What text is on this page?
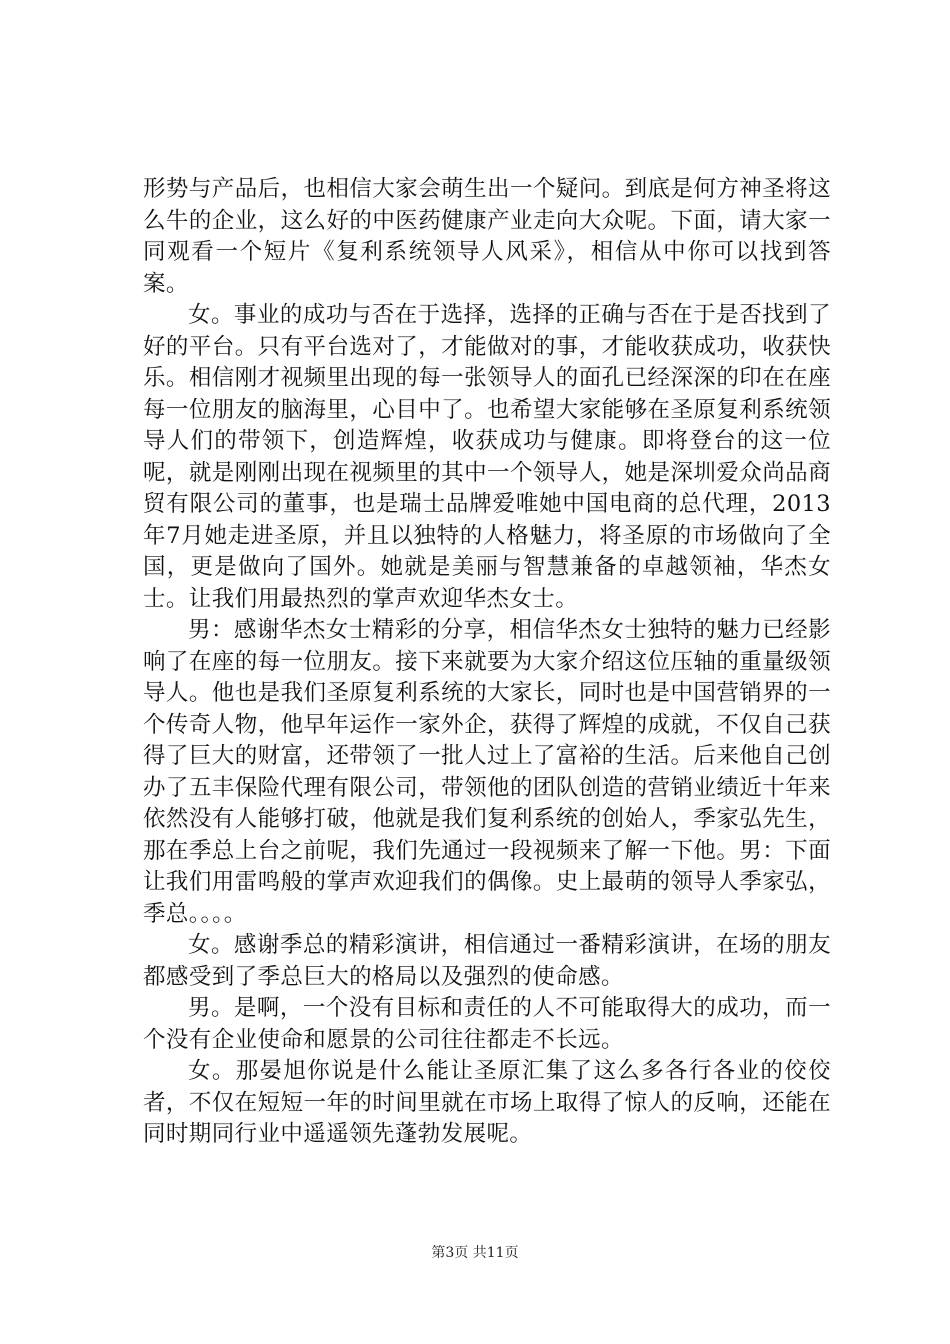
形势与产品后，也相信大家会萌生出一个疑问。到底是何方神圣将这么牛的企业，这么好的中医药健康产业走向大众呢。下面，请大家一同观看一个短片《复利系统领导人风采》，相信从中你可以找到答案。

女。事业的成功与否在于选择，选择的正确与否在于是否找到了好的平台。只有平台选对了，才能做对的事，才能收获成功，收获快乐。相信刚才视频里出现的每一张领导人的面孔已经深深的印在在座每一位朋友的脑海里，心目中了。也希望大家能够在圣原复利系统领导人们的带领下，创造辉煌，收获成功与健康。即将登台的这一位呢，就是刚刚出现在视频里的其中一个领导人，她是深圳爱众尚品商贸有限公司的董事，也是瑞士品牌爱唯她中国电商的总代理，2013年7月她走进圣原，并且以独特的人格魅力，将圣原的市场做向了全国，更是做向了国外。她就是美丽与智慧兼备的卓越领袖，华杰女士。让我们用最热烈的掌声欢迎华杰女士。

男：感谢华杰女士精彩的分享，相信华杰女士独特的魅力已经影响了在座的每一位朋友。接下来就要为大家介绍这位压轴的重量级领导人。他也是我们圣原复利系统的大家长，同时也是中国营销界的一个传奇人物，他早年运作一家外企，获得了辉煌的成就，不仅自己获得了巨大的财富，还带领了一批人过上了富裕的生活。后来他自己创办了五丰保险代理有限公司，带领他的团队创造的营销业绩近十年来依然没有人能够打破，他就是我们复利系统的创始人，季家弘先生，那在季总上台之前呢，我们先通过一段视频来了解一下他。男：下面让我们用雷鸣般的掌声欢迎我们的偶像。史上最萌的领导人季家弘，季总。。。。

女。感谢季总的精彩演讲，相信通过一番精彩演讲，在场的朋友都感受到了季总巨大的格局以及强烈的使命感。

男。是啊，一个没有目标和责任的人不可能取得大的成功，而一个没有企业使命和愿景的公司往往都走不长远。

女。那晏旭你说是什么能让圣原汇集了这么多各行各业的佼佼者，不仅在短短一年的时间里就在市场上取得了惊人的反响，还能在同时期同行业中遥遥领先蓬勃发展呢。

第3页 共11页
